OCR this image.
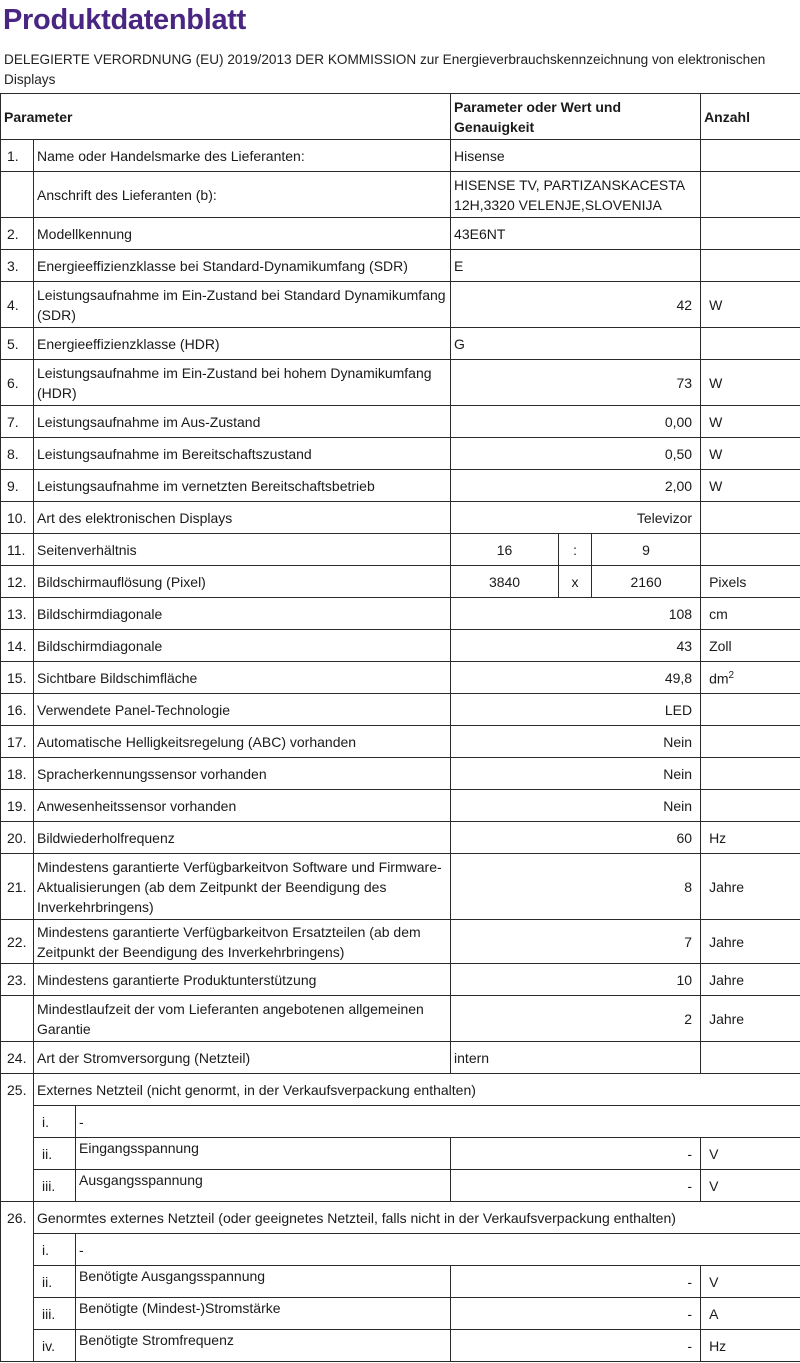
Produktdatenblatt
DELEGIERTE VERORDNUNG (EU) 2019/2013 DER KOMMISSION zur Energieverbrauchskennzeichnung von elektronischen Displays
Parameter			Parameter oder Wert und Genauigkeit			Anzahl	
1.	Name oder Handelsmarke des Lieferanten:		Hisense				
	Anschrift des Lieferanten (b):		HISENSE TV, PARTIZANSKACESTA 12H,3320 VELENJE,SLOVENIJA				
2.	Modellkennung		43E6NT				
3.	Energieeffizienzklasse bei Standard-Dynamikumfang (SDR)		E				
4.	Leistungsaufnahme im Ein-Zustand bei Standard Dynamikumfang (SDR)		42			W	
5.	Energieeffizienzklasse (HDR)		G				
6.	Leistungsaufnahme im Ein-Zustand bei hohem Dynamikumfang (HDR)		73			W	
7.	Leistungsaufnahme im Aus-Zustand		0,00			W	
8.	Leistungsaufnahme im Bereitschaftszustand		0,50			W	
9.	Leistungsaufnahme im vernetzten Bereitschaftsbetrieb		2,00			W	
10.	Art des elektronischen Displays		Televizor				
11.	Seitenverhältnis		16	:	9		
12.	Bildschirmauflösung (Pixel)		3840	x	2160	Pixels	
13.	Bildschirmdiagonale		108			cm	
14.	Bildschirmdiagonale		43			Zoll	
15.	Sichtbare Bildschimfläche		49,8			$dm^2$
16.	Verwendete Panel-Technologie		LED				
17.	Automatische Helligkeitsregelung (ABC) vorhanden		Nein				
18.	Spracherkennungssensor vorhanden		Nein				
19.	Anwesenheitssensor vorhanden		Nein				
20.	Bildwiederholfrequenz		60			Hz	
21.	Mindestens garantierte Verfügbarkeitvon Software und Firmware-Aktualisierungen (ab dem Zeitpunkt der Beendigung des Inverkehrbringens)		8			Jahre	
22.	Mindestens garantierte Verfügbarkeitvon Ersatzteilen (ab dem Zeitpunkt der Beendigung des Inverkehrbringens)		7			Jahre	
23.	Mindestens garantierte Produktunterstützung		10			Jahre	
	Mindestlaufzeit der vom Lieferanten angebotenen allgemeinen Garantie		2			Jahre	
24.	Art der Stromversorgung (Netzteil)		intern				
25.	Externes Netzteil (nicht genormt, in der Verkaufsverpackung enthalten)						
	i.	-					
	ii.	Eingangsspannung	-			V	
	iii.	Ausgangsspannung	-			V	
26.	Genormtes externes Netzteil (oder geeignetes Netzteil, falls nicht in der Verkaufsverpackung enthalten)						
	i.	-					
	ii.	Benötigte Ausgangsspannung	-			V	
	iii.	Benötigte (Mindest-)Stromstärke	-			A	
	iv.	Benötigte Stromfrequenz	-			Hz	
